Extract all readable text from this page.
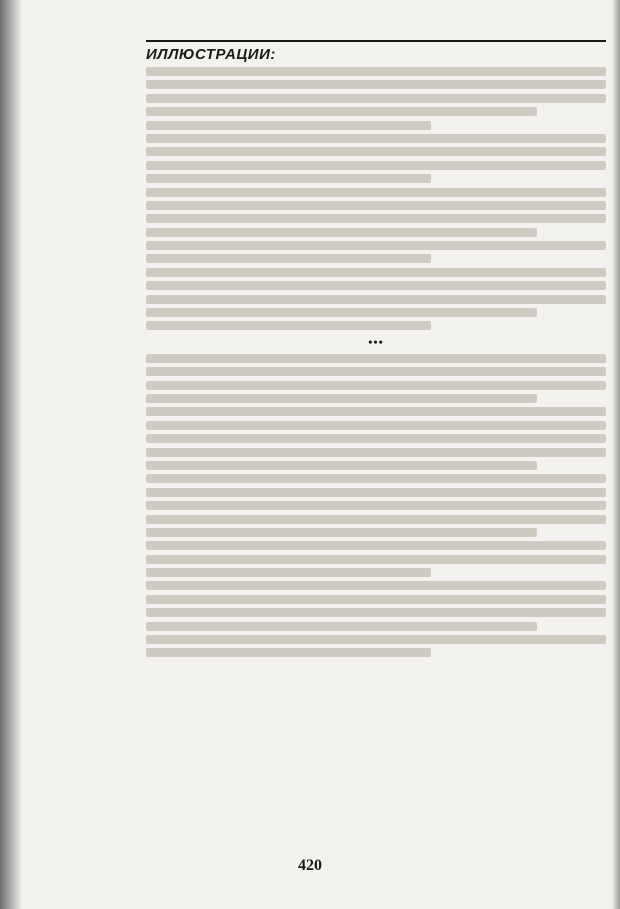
ИЛЛЮСТРАЦИИ:
•••
420
